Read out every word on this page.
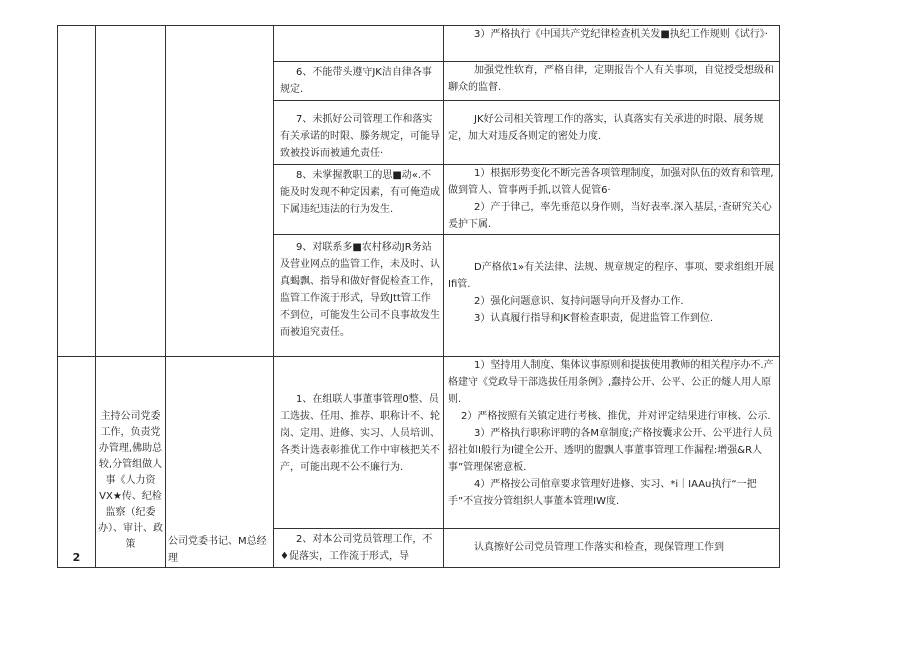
				3）严格执行《中国共产党纪律检查机关发■执纪工作规则《试行》·

			6、不能带头遵守JK洁自律各事规定.	加强党性软育，严格自律，定期报告个人有关事项，自觉授受想级和聊众的监督.

			7、未抓好公司管理工作和落实有关承诺的时限、滕务规定，可能导致被投诉而被逋允责任·	JK好公司相关管理工作的落实，认真落实有关承进的时限、展务规定，加大对违反各则定的密处力度.

			8、未掌握教职工的思■动«.不能及时发现不种定因素，有可俺造成下属违纪违法的行为发生.	1）根据形势变化不断完善各项管理制度，加强对队伍的效育和管理,做到管人、管事两手抓,以管人促管6·
2）产于律己，率先垂范以身作则，当好表率.深入基层，·查研究关心爰护下属.

			9、对联系多■农村移动JR务站及营业网点的监管工作，未及时、认真蝎飘、指导和做好督促检查工作，监管工作流于形式，导致Jtt管工作不到位，可能发生公司不良事故发生而被追究责任。	D产格依1»有关法律、法规、规章规定的程序、事项、要求组组开展Ifi管.
2）强化问题意识、复持问题导向开及督办工作.
3）认真履行指导和JK督检查职责，促进监管工作到位.

2	主持公司党委工作，负责党办管理,佛助总较,分管组做人事《人力资VX★传、纪检监察（纪委办）、审计、政策	公司党委书记、M总经理	1、在组联人事董事管理0整、员工选拔、任用、推荐、职称计不、轮岗、定用、进修、实习、人员培训、各类计选表彰推优工作中审核把关不产，可能出现不公不廉行为.	1）坚持用人制度、集体议事原则和提拔使用教师的相关程序办不.产格建守《党政导干部选拔任用条例》,蠢持公开、公平、公正的燧人用人原则.
2）严格按照有关镇定进行考核、推优，并对评定结果进行审核、公示.
3）严格执行职称评聘的各M章制度;产格按囊求公开、公平进行人员招社如I般行为I键全公开、透明的盥飘人事董事管理工作漏程:增强&R人事”管理保密意板.
4）严格按公司倌章要求管理好进修、实习、*i｜IAAu执行“一把手”不宣按分管组织人事董本管理IW度.

			2、对本公司党员管理工作，不♦促落实，工作流于形式，导	认真擦好公司党员管理工作落实和检查，现保管理工作到
